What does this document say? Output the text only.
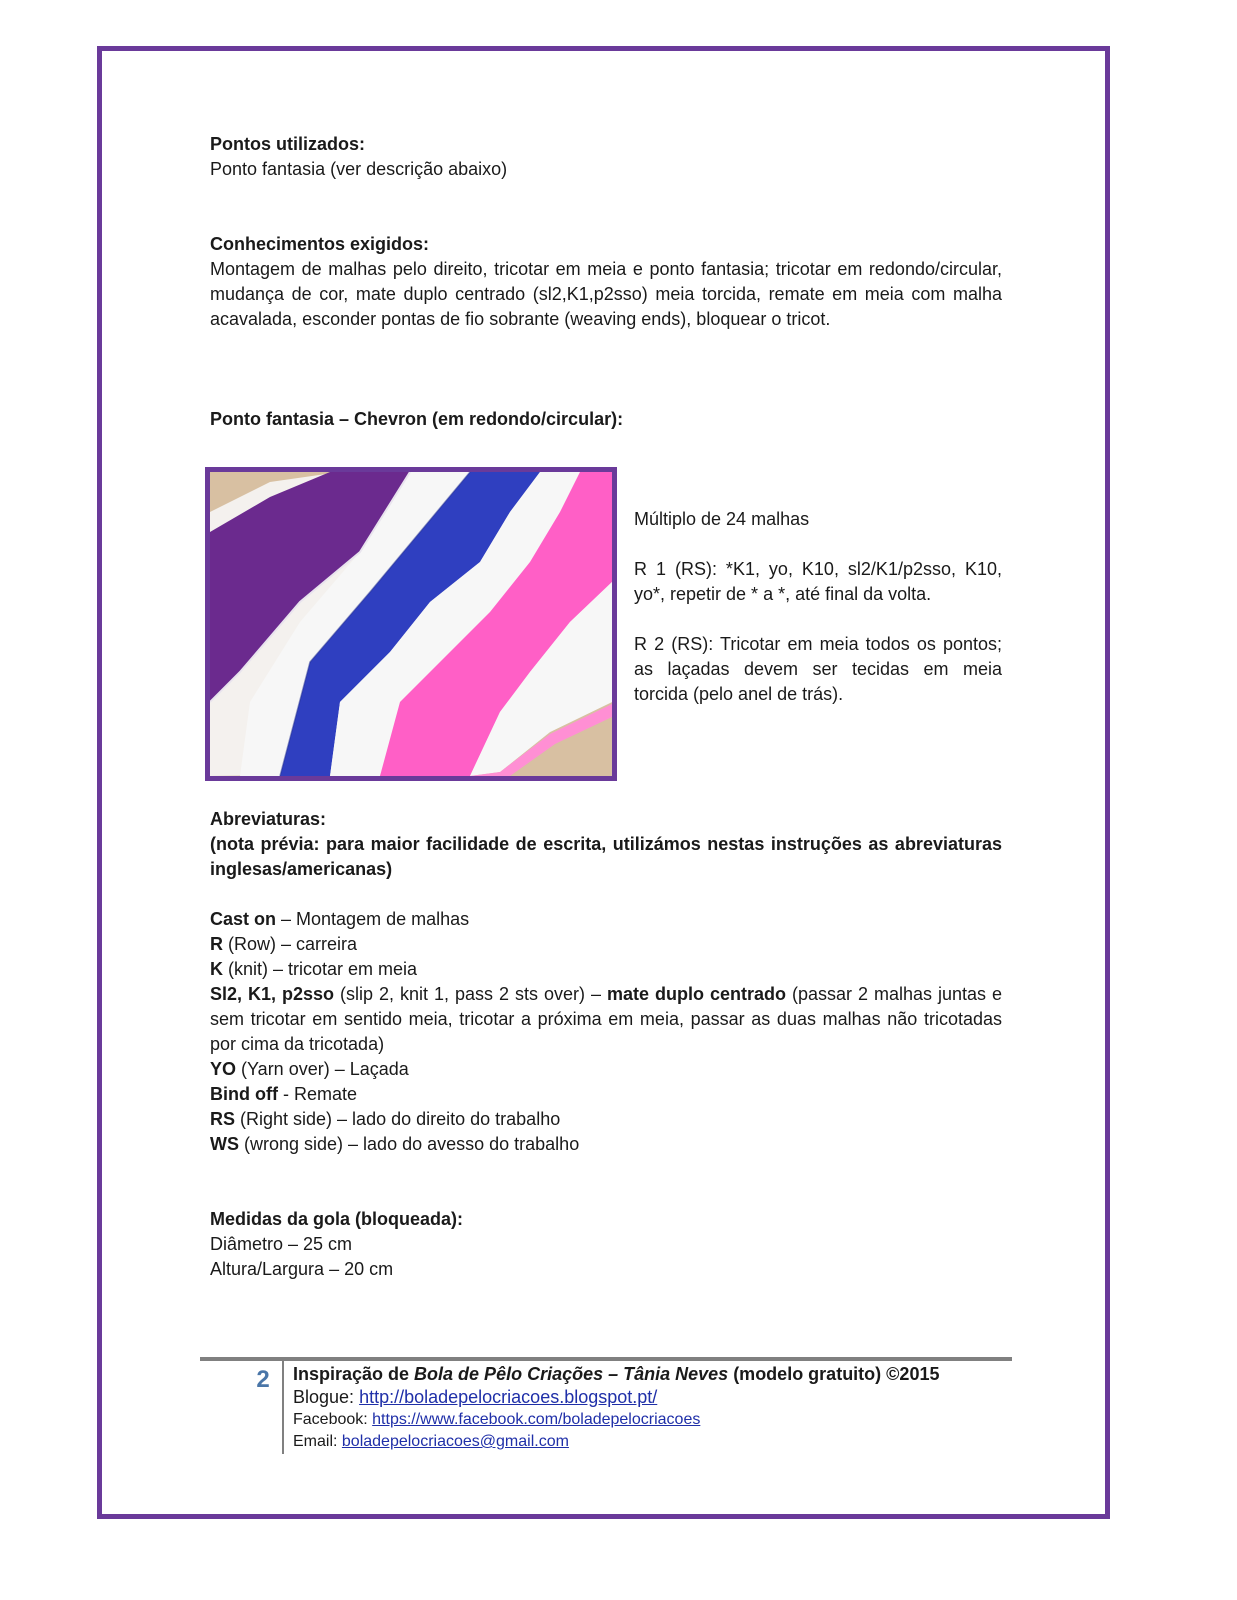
Pontos utilizados:
Ponto fantasia (ver descrição abaixo)
Conhecimentos exigidos:
Montagem de malhas pelo direito, tricotar em meia e ponto fantasia; tricotar em redondo/circular, mudança de cor, mate duplo centrado (sl2,K1,p2sso) meia torcida, remate em meia com malha acavalada, esconder pontas de fio sobrante (weaving ends), bloquear o tricot.
Ponto fantasia – Chevron (em redondo/circular):

Múltiplo de 24 malhas

R 1 (RS): *K1, yo, K10, sl2/K1/p2sso, K10, yo*, repetir de * a *, até final da volta.

R 2 (RS): Tricotar em meia todos os pontos; as laçadas devem ser tecidas em meia torcida (pelo anel de trás).

Abreviaturas:
(nota prévia: para maior facilidade de escrita, utilizámos nestas instruções as abreviaturas inglesas/americanas)

Cast on – Montagem de malhas

R (Row) – carreira

K (knit) – tricotar em meia

Sl2, K1, p2sso (slip 2, knit 1, pass 2 sts over) – mate duplo centrado (passar 2 malhas juntas e sem tricotar em sentido meia, tricotar a próxima em meia, passar as duas malhas não tricotadas por cima da tricotada)

YO (Yarn over) – Laçada

Bind off - Remate

RS (Right side) – lado do direito do trabalho

WS (wrong side) – lado do avesso do trabalho

Medidas da gola (bloqueada):
Diâmetro – 25 cm
Altura/Largura – 20 cm
2	Inspiração de Bola de Pêlo Criações – Tânia Neves (modelo gratuito) ©2015
Blogue: http://boladepelocriacoes.blogspot.pt/
Facebook: https://www.facebook.com/boladepelocriacoes
Email: boladepelocriacoes@gmail.com
